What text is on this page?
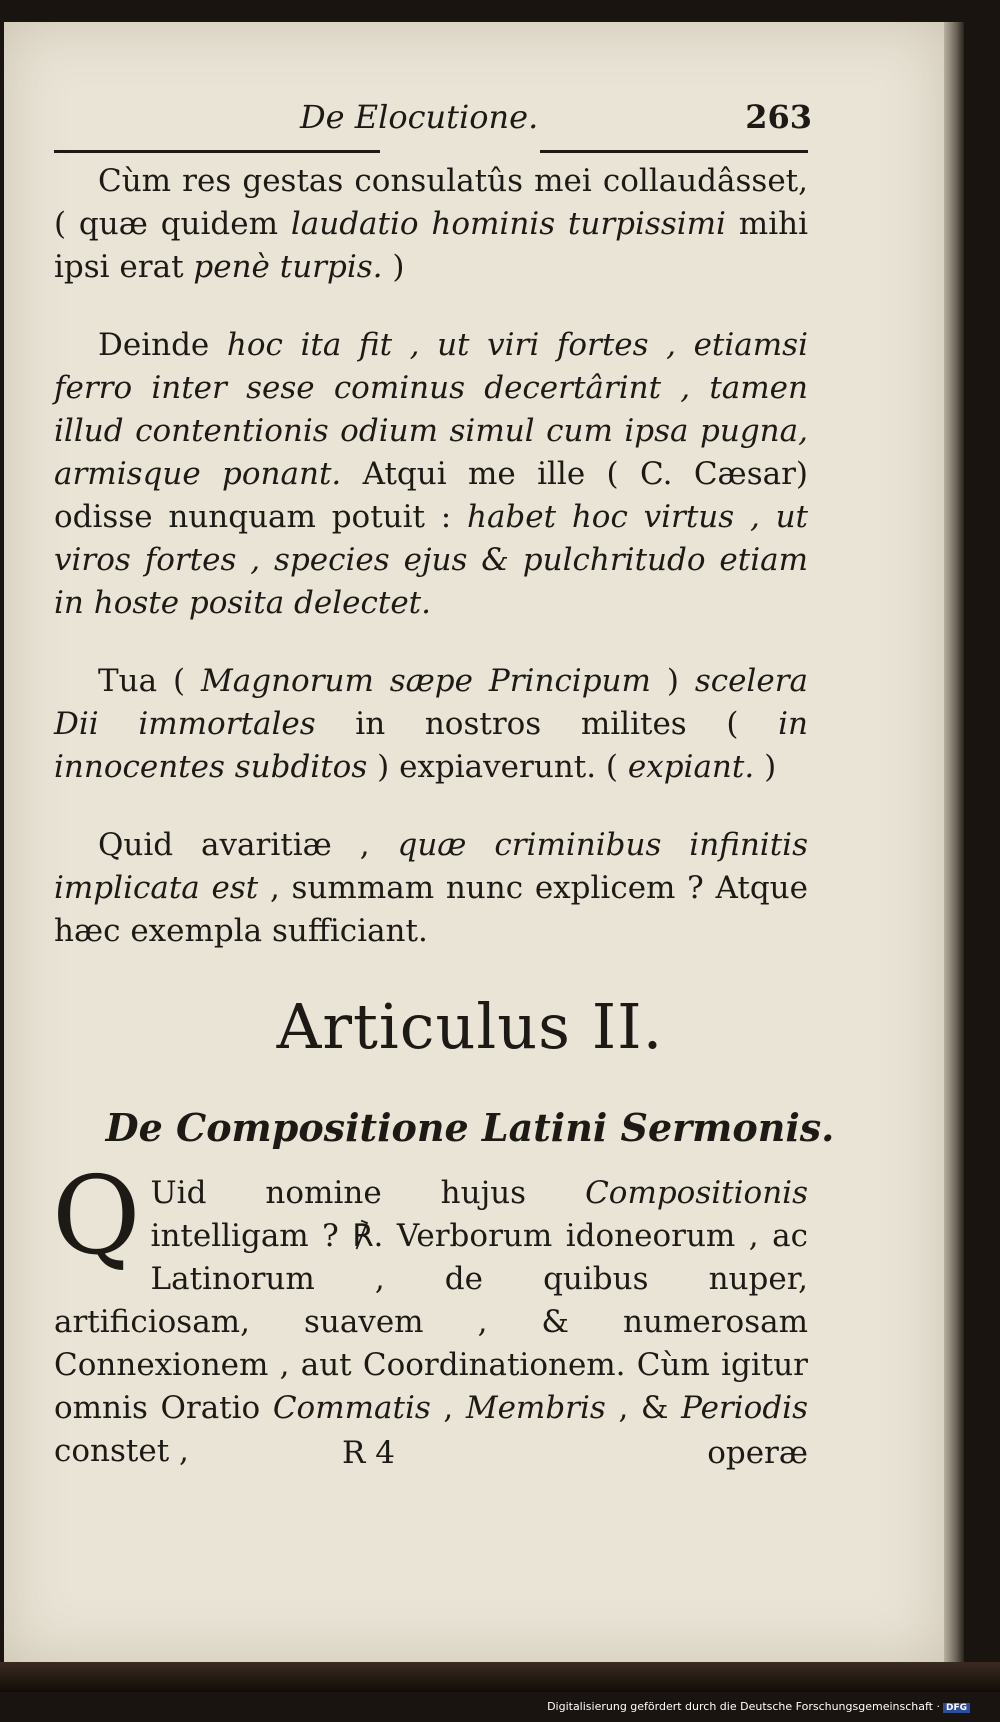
De Elocutione.	263

Cùm res gestas consulatûs mei collaudâsset, ( quæ quidem laudatio hominis turpissimi mihi ipsi erat penè turpis. )

Deinde hoc ita fit , ut viri fortes , etiamsi ferro inter sese cominus decertârint , tamen illud contentionis odium simul cum ipsa pugna, armisque ponant. Atqui me ille ( C. Cæsar) odisse nunquam potuit : habet hoc virtus , ut viros fortes , species ejus & pulchritudo etiam in hoste posita delectet.

Tua ( Magnorum sæpe Principum ) scelera Dii immortales in nostros milites ( in innocentes subditos ) expiaverunt. ( expiant. )

Quid avaritiæ , quæ criminibus infinitis implicata est , summam nunc explicem ? Atque hæc exempla sufficiant.

Articulus II.
De Compositione Latini Sermonis.

Q Uid nomine hujus Compositionis intelligam ? ℟. Verborum idoneorum , ac Latinorum , de quibus nuper, artificiosam, suavem , & numerosam Connexionem , aut Coordinationem. Cùm igitur omnis Oratio Commatis , Membris , & Periodis constet ,	R 4	operæ
Digitalisierung gefördert durch die Deutsche Forschungsgemeinschaft · DFG
